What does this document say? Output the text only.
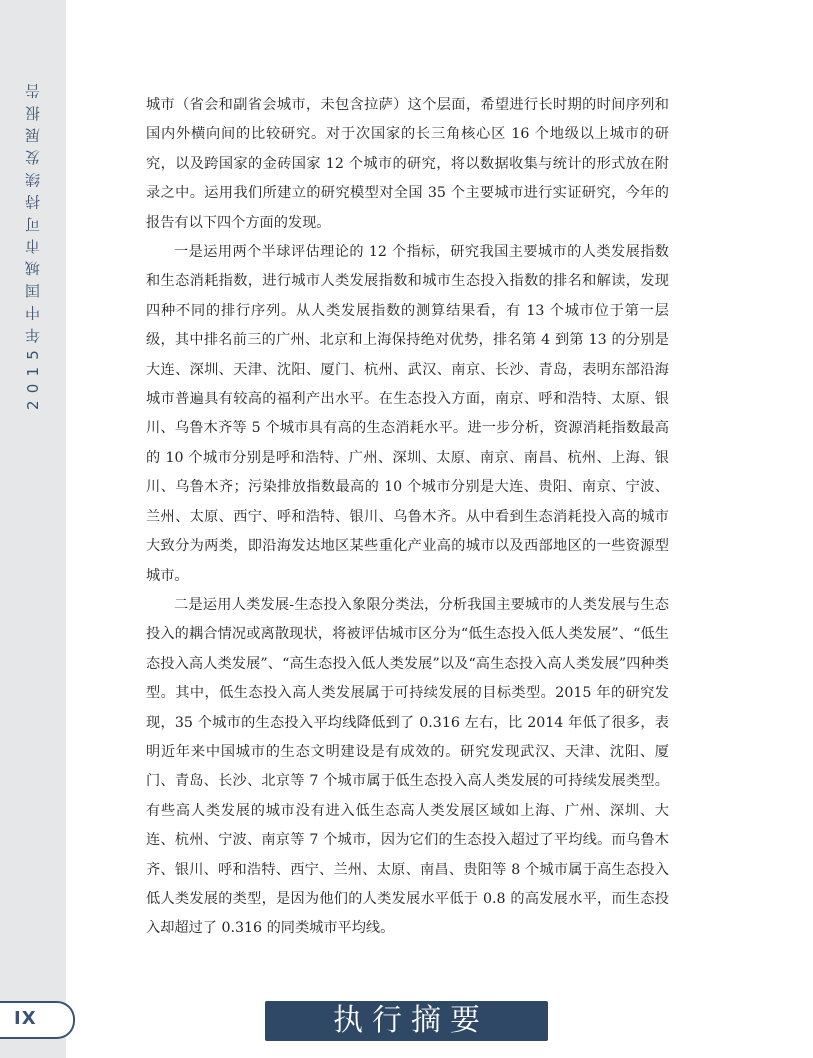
2015年中国城市可持续发展报告
IX

城市（省会和副省会城市，未包含拉萨）这个层面，希望进行长时期的时间序列和国内外横向间的比较研究。对于次国家的长三角核心区 16 个地级以上城市的研究，以及跨国家的金砖国家 12 个城市的研究，将以数据收集与统计的形式放在附录之中。运用我们所建立的研究模型对全国 35 个主要城市进行实证研究，今年的报告有以下四个方面的发现。

一是运用两个半球评估理论的 12 个指标，研究我国主要城市的人类发展指数和生态消耗指数，进行城市人类发展指数和城市生态投入指数的排名和解读，发现四种不同的排行序列。从人类发展指数的测算结果看，有 13 个城市位于第一层级，其中排名前三的广州、北京和上海保持绝对优势，排名第 4 到第 13 的分别是大连、深圳、天津、沈阳、厦门、杭州、武汉、南京、长沙、青岛，表明东部沿海城市普遍具有较高的福利产出水平。在生态投入方面，南京、呼和浩特、太原、银川、乌鲁木齐等 5 个城市具有高的生态消耗水平。进一步分析，资源消耗指数最高的 10 个城市分别是呼和浩特、广州、深圳、太原、南京、南昌、杭州、上海、银川、乌鲁木齐；污染排放指数最高的 10 个城市分别是大连、贵阳、南京、宁波、兰州、太原、西宁、呼和浩特、银川、乌鲁木齐。从中看到生态消耗投入高的城市大致分为两类，即沿海发达地区某些重化产业高的城市以及西部地区的一些资源型城市。

二是运用人类发展-生态投入象限分类法，分析我国主要城市的人类发展与生态投入的耦合情况或离散现状，将被评估城市区分为“低生态投入低人类发展”、“低生态投入高人类发展”、“高生态投入低人类发展”以及“高生态投入高人类发展”四种类型。其中，低生态投入高人类发展属于可持续发展的目标类型。2015 年的研究发现，35 个城市的生态投入平均线降低到了 0.316 左右，比 2014 年低了很多，表明近年来中国城市的生态文明建设是有成效的。研究发现武汉、天津、沈阳、厦门、青岛、长沙、北京等 7 个城市属于低生态投入高人类发展的可持续发展类型。有些高人类发展的城市没有进入低生态高人类发展区域如上海、广州、深圳、大连、杭州、宁波、南京等 7 个城市，因为它们的生态投入超过了平均线。而乌鲁木齐、银川、呼和浩特、西宁、兰州、太原、南昌、贵阳等 8 个城市属于高生态投入低人类发展的类型，是因为他们的人类发展水平低于 0.8 的高发展水平，而生态投入却超过了 0.316 的同类城市平均线。

执行摘要
